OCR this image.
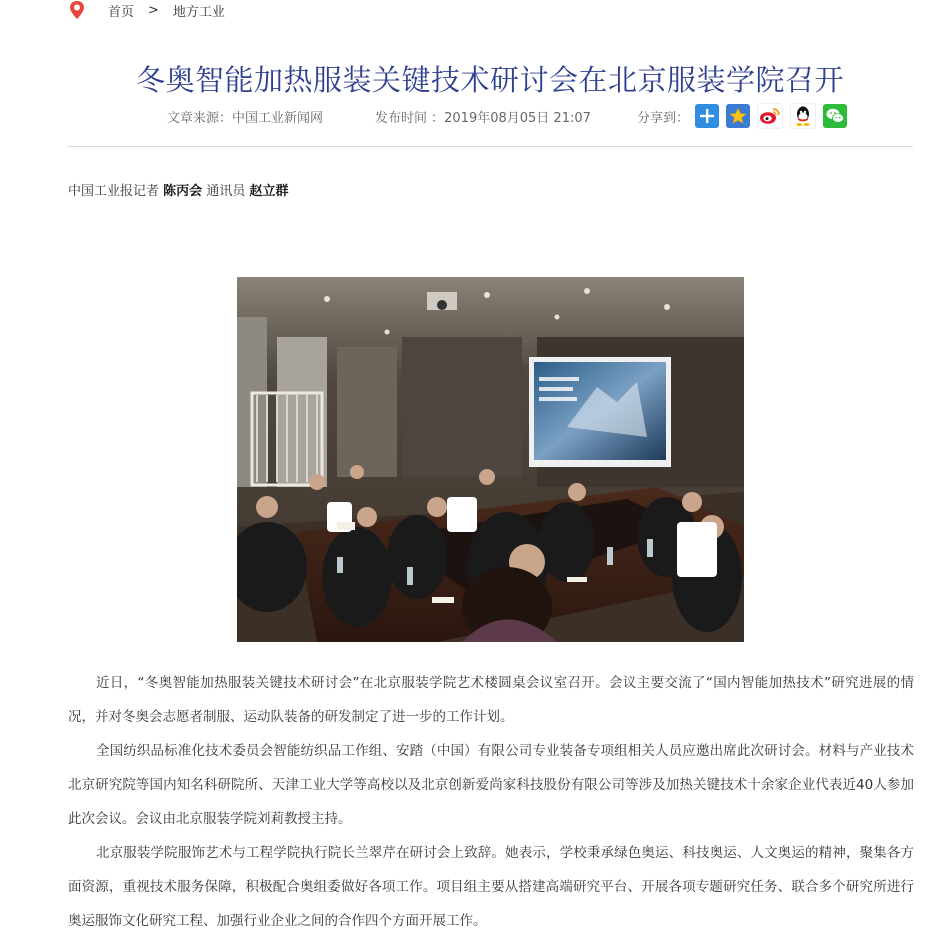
首页 > 地方工业
冬奥智能加热服装关键技术研讨会在北京服装学院召开
文章来源：中国工业新闻网	发布时间 ：2019年08月05日 21:07	分享到：
中国工业报记者 陈丙会 通讯员 赵立群

近日，“冬奥智能加热服装关键技术研讨会”在北京服装学院艺术楼圆桌会议室召开。会议主要交流了“国内智能加热技术”研究进展的情况，并对冬奥会志愿者制服、运动队装备的研发制定了进一步的工作计划。

全国纺织品标准化技术委员会智能纺织品工作组、安踏（中国）有限公司专业装备专项组相关人员应邀出席此次研讨会。材料与产业技术北京研究院等国内知名科研院所、天津工业大学等高校以及北京创新爱尚家科技股份有限公司等涉及加热关键技术十余家企业代表近40人参加此次会议。会议由北京服装学院刘莉教授主持。

北京服装学院服饰艺术与工程学院执行院长兰翠芹在研讨会上致辞。她表示，学校秉承绿色奥运、科技奥运、人文奥运的精神，聚集各方面资源，重视技术服务保障，积极配合奥组委做好各项工作。项目组主要从搭建高端研究平台、开展各项专题研究任务、联合多个研究所进行奥运服饰文化研究工程、加强行业企业之间的合作四个方面开展工作。
